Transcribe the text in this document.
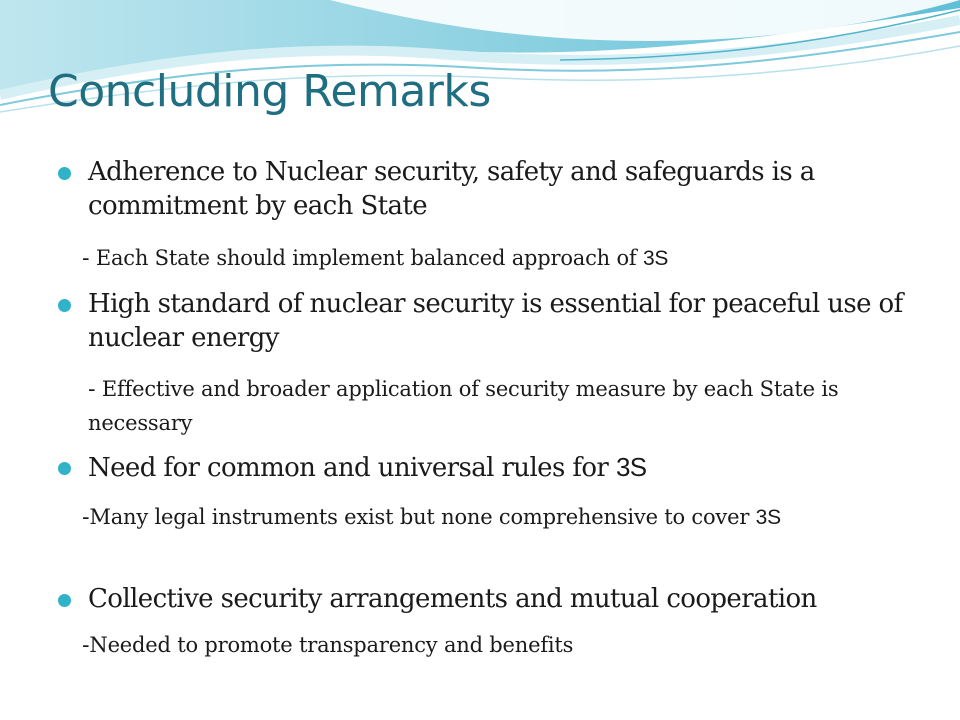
Concluding Remarks
Adherence to Nuclear security, safety and safeguards is a commitment by each State
- Each State should implement balanced approach of 3S
High standard of nuclear security is essential for peaceful use of nuclear energy
- Effective and broader application of security measure by each State is necessary
Need for common and universal rules for 3S
-Many legal instruments exist but none comprehensive to cover 3S
Collective security arrangements and mutual cooperation
-Needed to promote transparency and benefits
